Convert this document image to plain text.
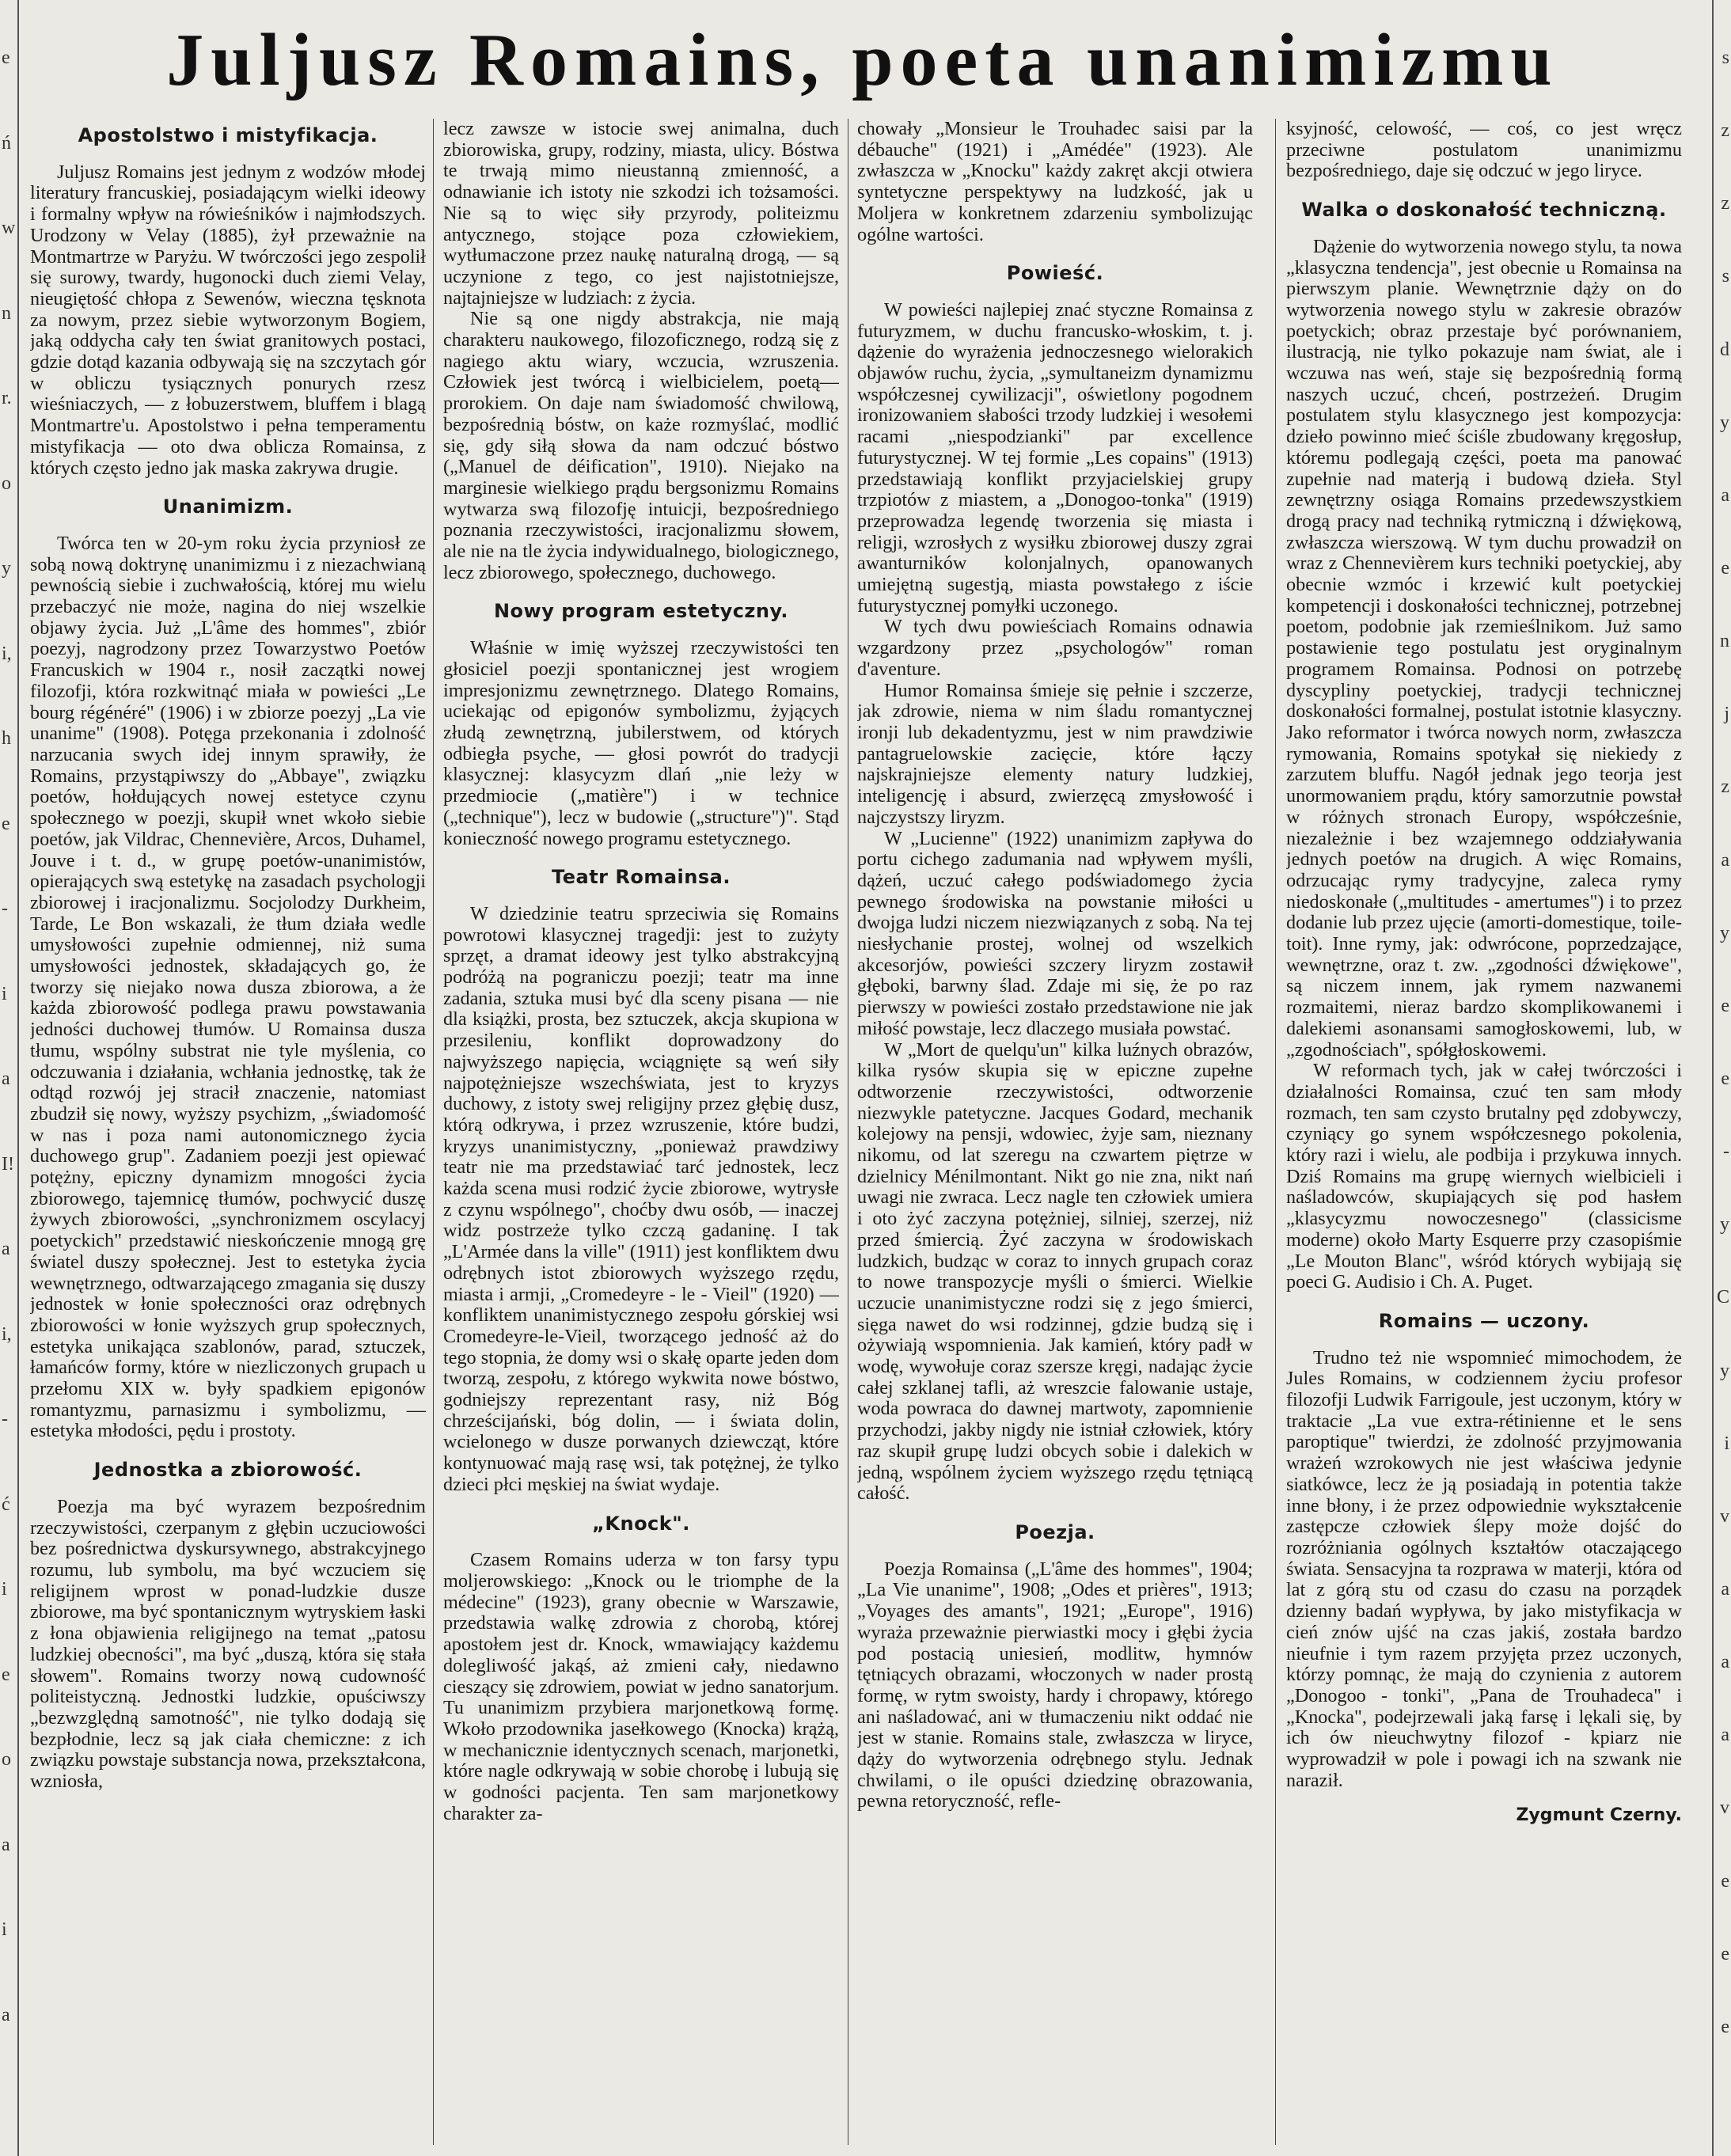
e
ń
w
n
r.
o
y
i,
h
e
-
i
a
I!
a
i,
-
ć
i
e
o
a
i
a
s
z
z
s
d
y
a
e
n
j
z
a
y
e
e
-
y
C
y
i
v
a
a
a
v
e
e
e
Juljusz Romains, poeta unanimizmu
Apostolstwo i mistyfikacja.

Juljusz Romains jest jednym z wodzów młodej literatury francuskiej, posiadającym wielki ideowy i formalny wpływ na rówieśników i najmłodszych. Urodzony w Velay (1885), żył przeważnie na Montmartrze w Paryżu. W twórczości jego zespolił się surowy, twardy, hugonocki duch ziemi Velay, nieugiętość chłopa z Sewenów, wieczna tęsknota za nowym, przez siebie wytworzonym Bogiem, jaką oddycha cały ten świat granitowych postaci, gdzie dotąd kazania odbywają się na szczytach gór w obliczu tysiącznych ponurych rzesz wieśniaczych, — z łobuzerstwem, bluffem i blagą Montmartre'u. Apostolstwo i pełna temperamentu mistyfikacja — oto dwa oblicza Romainsa, z których często jedno jak maska zakrywa drugie.

Unanimizm.

Twórca ten w 20-ym roku życia przyniosł ze sobą nową doktrynę unanimizmu i z niezachwianą pewnością siebie i zuchwałością, której mu wielu przebaczyć nie może, nagina do niej wszelkie objawy życia. Już „L'âme des hommes", zbiór poezyj, nagrodzony przez Towarzystwo Poetów Francuskich w 1904 r., nosił zaczątki nowej filozofji, która rozkwitnąć miała w powieści „Le bourg régénéré" (1906) i w zbiorze poezyj „La vie unanime" (1908). Potęga przekonania i zdolność narzucania swych idej innym sprawiły, że Romains, przystąpiwszy do „Abbaye", związku poetów, hołdujących nowej estetyce czynu społecznego w poezji, skupił wnet wkoło siebie poetów, jak Vildrac, Chennevière, Arcos, Duhamel, Jouve i t. d., w grupę poetów-unanimistów, opierających swą estetykę na zasadach psychologji zbiorowej i iracjonalizmu. Socjolodzy Durkheim, Tarde, Le Bon wskazali, że tłum działa wedle umysłowości zupełnie odmiennej, niż suma umysłowości jednostek, składających go, że tworzy się niejako nowa dusza zbiorowa, a że każda zbiorowość podlega prawu powstawania jedności duchowej tłumów. U Romainsa dusza tłumu, wspólny substrat nie tyle myślenia, co odczuwania i działania, wchłania jednostkę, tak że odtąd rozwój jej stracił znaczenie, natomiast zbudził się nowy, wyższy psychizm, „świadomość w nas i poza nami autonomicznego życia duchowego grup". Zadaniem poezji jest opiewać potężny, epiczny dynamizm mnogości życia zbiorowego, tajemnicę tłumów, pochwycić duszę żywych zbiorowości, „synchronizmem oscylacyj poetyckich" przedstawić nieskończenie mnogą grę światel duszy społecznej. Jest to estetyka życia wewnętrznego, odtwarzającego zmagania się duszy jednostek w łonie społeczności oraz odrębnych zbiorowości w łonie wyższych grup społecznych, estetyka unikająca szablonów, parad, sztuczek, łamańców formy, które w niezliczonych grupach u przełomu XIX w. były spadkiem epigonów romantyzmu, parnasizmu i symbolizmu, — estetyka młodości, pędu i prostoty.

Jednostka a zbiorowość.

Poezja ma być wyrazem bezpośrednim rzeczywistości, czerpanym z głębin uczuciowości bez pośrednictwa dyskursywnego, abstrakcyjnego rozumu, lub symbolu, ma być wczuciem się religijnem wprost w ponad-ludzkie dusze zbiorowe, ma być spontanicznym wytryskiem łaski z łona objawienia religijnego na temat „patosu ludzkiej obecności", ma być „duszą, która się stała słowem". Romains tworzy nową cudowność politeistyczną. Jednostki ludzkie, opuściwszy „bezwzględną samotność", nie tylko dodają się bezpłodnie, lecz są jak ciała chemiczne: z ich związku powstaje substancja nowa, przekształcona, wzniosła,

lecz zawsze w istocie swej animalna, duch zbiorowiska, grupy, rodziny, miasta, ulicy. Bóstwa te trwają mimo nieustanną zmienność, a odnawianie ich istoty nie szkodzi ich tożsamości. Nie są to więc siły przyrody, politeizmu antycznego, stojące poza człowiekiem, wytłumaczone przez naukę naturalną drogą, — są uczynione z tego, co jest najistotniejsze, najtajniejsze w ludziach: z życia.

Nie są one nigdy abstrakcja, nie mają charakteru naukowego, filozoficznego, rodzą się z nagiego aktu wiary, wczucia, wzruszenia. Człowiek jest twórcą i wielbicielem, poetą—prorokiem. On daje nam świadomość chwilową, bezpośrednią bóstw, on każe rozmyślać, modlić się, gdy siłą słowa da nam odczuć bóstwo („Manuel de déification", 1910). Niejako na marginesie wielkiego prądu bergsonizmu Romains wytwarza swą filozofję intuicji, bezpośredniego poznania rzeczywistości, iracjonalizmu słowem, ale nie na tle życia indywidualnego, biologicznego, lecz zbiorowego, społecznego, duchowego.

Nowy program estetyczny.

Właśnie w imię wyższej rzeczywistości ten głosiciel poezji spontanicznej jest wrogiem impresjonizmu zewnętrznego. Dlatego Romains, uciekając od epigonów symbolizmu, żyjących złudą zewnętrzną, jubilerstwem, od których odbiegła psyche, — głosi powrót do tradycji klasycznej: klasycyzm dlań „nie leży w przedmiocie („matière") i w technice („technique"), lecz w budowie („structure")". Stąd konieczność nowego programu estetycznego.

Teatr Romainsa.

W dziedzinie teatru sprzeciwia się Romains powrotowi klasycznej tragedji: jest to zużyty sprzęt, a dramat ideowy jest tylko abstrakcyjną podróżą na pograniczu poezji; teatr ma inne zadania, sztuka musi być dla sceny pisana — nie dla książki, prosta, bez sztuczek, akcja skupiona w przesileniu, konflikt doprowadzony do najwyższego napięcia, wciągnięte są weń siły najpotężniejsze wszechświata, jest to kryzys duchowy, z istoty swej religijny przez głębię dusz, którą odkrywa, i przez wzruszenie, które budzi, kryzys unanimistyczny, „ponieważ prawdziwy teatr nie ma przedstawiać tarć jednostek, lecz każda scena musi rodzić życie zbiorowe, wytrysłe z czynu wspólnego", choćby dwu osób, — inaczej widz postrzeże tylko czczą gadaninę. I tak „L'Armée dans la ville" (1911) jest konfliktem dwu odrębnych istot zbiorowych wyższego rzędu, miasta i armji, „Cromedeyre - le - Vieil" (1920) — konfliktem unanimistycznego zespołu górskiej wsi Cromedeyre-le-Vieil, tworzącego jedność aż do tego stopnia, że domy wsi o skałę oparte jeden dom tworzą, zespołu, z którego wykwita nowe bóstwo, godniejszy reprezentant rasy, niż Bóg chrześcijański, bóg dolin, — i świata dolin, wcielonego w dusze porwanych dziewcząt, które kontynuować mają rasę wsi, tak potężnej, że tylko dzieci płci męskiej na świat wydaje.

„Knock".

Czasem Romains uderza w ton farsy typu moljerowskiego: „Knock ou le triomphe de la médecine" (1923), grany obecnie w Warszawie, przedstawia walkę zdrowia z chorobą, której apostołem jest dr. Knock, wmawiający każdemu dolegliwość jakąś, aż zmieni cały, niedawno cieszący się zdrowiem, powiat w jedno sanatorjum. Tu unanimizm przybiera marjonetkową formę. Wkoło przodownika jasełkowego (Knocka) krążą, w mechanicznie identycznych scenach, marjonetki, które nagle odkrywają w sobie chorobę i lubują się w godności pacjenta. Ten sam marjonetkowy charakter za-

chowały „Monsieur le Trouhadec saisi par la débauche" (1921) i „Amédée" (1923). Ale zwłaszcza w „Knocku" każdy zakręt akcji otwiera syntetyczne perspektywy na ludzkość, jak u Moljera w konkretnem zdarzeniu symbolizując ogólne wartości.

Powieść.

W powieści najlepiej znać styczne Romainsa z futuryzmem, w duchu francusko-włoskim, t. j. dążenie do wyrażenia jednoczesnego wielorakich objawów ruchu, życia, „symultaneizm dynamizmu współczesnej cywilizacji", oświetlony pogodnem ironizowaniem słabości trzody ludzkiej i wesołemi racami „niespodzianki" par excellence futurystycznej. W tej formie „Les copains" (1913) przedstawiają konflikt przyjacielskiej grupy trzpiotów z miastem, a „Donogoo-tonka" (1919) przeprowadza legendę tworzenia się miasta i religji, wzrosłych z wysiłku zbiorowej duszy zgrai awanturników kolonjalnych, opanowanych umiejętną sugestją, miasta powstałego z iście futurystycznej pomyłki uczonego.

W tych dwu powieściach Romains odnawia wzgardzony przez „psychologów" roman d'aventure.

Humor Romainsa śmieje się pełnie i szczerze, jak zdrowie, niema w nim śladu romantycznej ironji lub dekadentyzmu, jest w nim prawdziwie pantagruelowskie zacięcie, które łączy najskrajniejsze elementy natury ludzkiej, inteligencję i absurd, zwierzęcą zmysłowość i najczystszy liryzm.

W „Lucienne" (1922) unanimizm zapływa do portu cichego zadumania nad wpływem myśli, dążeń, uczuć całego podświadomego życia pewnego środowiska na powstanie miłości u dwojga ludzi niczem niezwiązanych z sobą. Na tej niesłychanie prostej, wolnej od wszelkich akcesorjów, powieści szczery liryzm zostawił głęboki, barwny ślad. Zdaje mi się, że po raz pierwszy w powieści zostało przedstawione nie jak miłość powstaje, lecz dlaczego musiała powstać.

W „Mort de quelqu'un" kilka luźnych obrazów, kilka rysów skupia się w epiczne zupełne odtworzenie rzeczywistości, odtworzenie niezwykle patetyczne. Jacques Godard, mechanik kolejowy na pensji, wdowiec, żyje sam, nieznany nikomu, od lat szeregu na czwartem piętrze w dzielnicy Ménilmontant. Nikt go nie zna, nikt nań uwagi nie zwraca. Lecz nagle ten człowiek umiera i oto żyć zaczyna potężniej, silniej, szerzej, niż przed śmiercią. Żyć zaczyna w środowiskach ludzkich, budząc w coraz to innych grupach coraz to nowe transpozycje myśli o śmierci. Wielkie uczucie unanimistyczne rodzi się z jego śmierci, sięga nawet do wsi rodzinnej, gdzie budzą się i ożywiają wspomnienia. Jak kamień, który padł w wodę, wywołuje coraz szersze kręgi, nadając życie całej szklanej tafli, aż wreszcie falowanie ustaje, woda powraca do dawnej martwoty, zapomnienie przychodzi, jakby nigdy nie istniał człowiek, który raz skupił grupę ludzi obcych sobie i dalekich w jedną, wspólnem życiem wyższego rzędu tętniącą całość.

Poezja.

Poezja Romainsa („L'âme des hommes", 1904; „La Vie unanime", 1908; „Odes et prières", 1913; „Voyages des amants", 1921; „Europe", 1916) wyraża przeważnie pierwiastki mocy i głębi życia pod postacią uniesień, modlitw, hymnów tętniących obrazami, włoczonych w nader prostą formę, w rytm swoisty, hardy i chropawy, którego ani naśladować, ani w tłumaczeniu nikt oddać nie jest w stanie. Romains stale, zwłaszcza w liryce, dąży do wytworzenia odrębnego stylu. Jednak chwilami, o ile opuści dziedzinę obrazowania, pewna retoryczność, refle-

ksyjność, celowość, — coś, co jest wręcz przeciwne postulatom unanimizmu bezpośredniego, daje się odczuć w jego liryce.

Walka o doskonałość techniczną.

Dążenie do wytworzenia nowego stylu, ta nowa „klasyczna tendencja", jest obecnie u Romainsa na pierwszym planie. Wewnętrznie dąży on do wytworzenia nowego stylu w zakresie obrazów poetyckich; obraz przestaje być porównaniem, ilustracją, nie tylko pokazuje nam świat, ale i wczuwa nas weń, staje się bezpośrednią formą naszych uczuć, chceń, postrzeżeń. Drugim postulatem stylu klasycznego jest kompozycja: dzieło powinno mieć ściśle zbudowany kręgosłup, któremu podlegają części, poeta ma panować zupełnie nad materją i budową dzieła. Styl zewnętrzny osiąga Romains przedewszystkiem drogą pracy nad techniką rytmiczną i dźwiękową, zwłaszcza wierszową. W tym duchu prowadził on wraz z Chennevièrem kurs techniki poetyckiej, aby obecnie wzmóc i krzewić kult poetyckiej kompetencji i doskonałości technicznej, potrzebnej poetom, podobnie jak rzemieślnikom. Już samo postawienie tego postulatu jest oryginalnym programem Romainsa. Podnosi on potrzebę dyscypliny poetyckiej, tradycji technicznej doskonałości formalnej, postulat istotnie klasyczny. Jako reformator i twórca nowych norm, zwłaszcza rymowania, Romains spotykał się niekiedy z zarzutem bluffu. Nagół jednak jego teorja jest unormowaniem prądu, który samorzutnie powstał w różnych stronach Europy, współcześnie, niezależnie i bez wzajemnego oddziaływania jednych poetów na drugich. A więc Romains, odrzucając rymy tradycyjne, zaleca rymy niedoskonałe („multitudes - amertumes") i to przez dodanie lub przez ujęcie (amorti-domestique, toile-toit). Inne rymy, jak: odwrócone, poprzedzające, wewnętrzne, oraz t. zw. „zgodności dźwiękowe", są niczem innem, jak rymem nazwanemi rozmaitemi, nieraz bardzo skomplikowanemi i dalekiemi asonansami samogłoskowemi, lub, w „zgodnościach", spółgłoskowemi.

W reformach tych, jak w całej twórczości i działalności Romainsa, czuć ten sam młody rozmach, ten sam czysto brutalny pęd zdobywczy, czyniący go synem współczesnego pokolenia, który razi i wielu, ale podbija i przykuwa innych. Dziś Romains ma grupę wiernych wielbicieli i naśladowców, skupiających się pod hasłem „klasycyzmu nowoczesnego" (classicisme moderne) około Marty Esquerre przy czasopiśmie „Le Mouton Blanc", wśród których wybijają się poeci G. Audisio i Ch. A. Puget.

Romains — uczony.

Trudno też nie wspomnieć mimochodem, że Jules Romains, w codziennem życiu profesor filozofji Ludwik Farrigoule, jest uczonym, który w traktacie „La vue extra-rétinienne et le sens paroptique" twierdzi, że zdolność przyjmowania wrażeń wzrokowych nie jest właściwa jedynie siatkówce, lecz że ją posiadają in potentia także inne błony, i że przez odpowiednie wykształcenie zastępcze człowiek ślepy może dojść do rozróżniania ogólnych kształtów otaczającego świata. Sensacyjna ta rozprawa w materji, która od lat z górą stu od czasu do czasu na porządek dzienny badań wypływa, by jako mistyfikacja w cień znów ujść na czas jakiś, została bardzo nieufnie i tym razem przyjęta przez uczonych, którzy pomnąc, że mają do czynienia z autorem „Donogoo - tonki", „Pana de Trouhadeca" i „Knocka", podejrzewali jaką farsę i lękali się, by ich ów nieuchwytny filozof - kpiarz nie wyprowadził w pole i powagi ich na szwank nie naraził.

Zygmunt Czerny.
